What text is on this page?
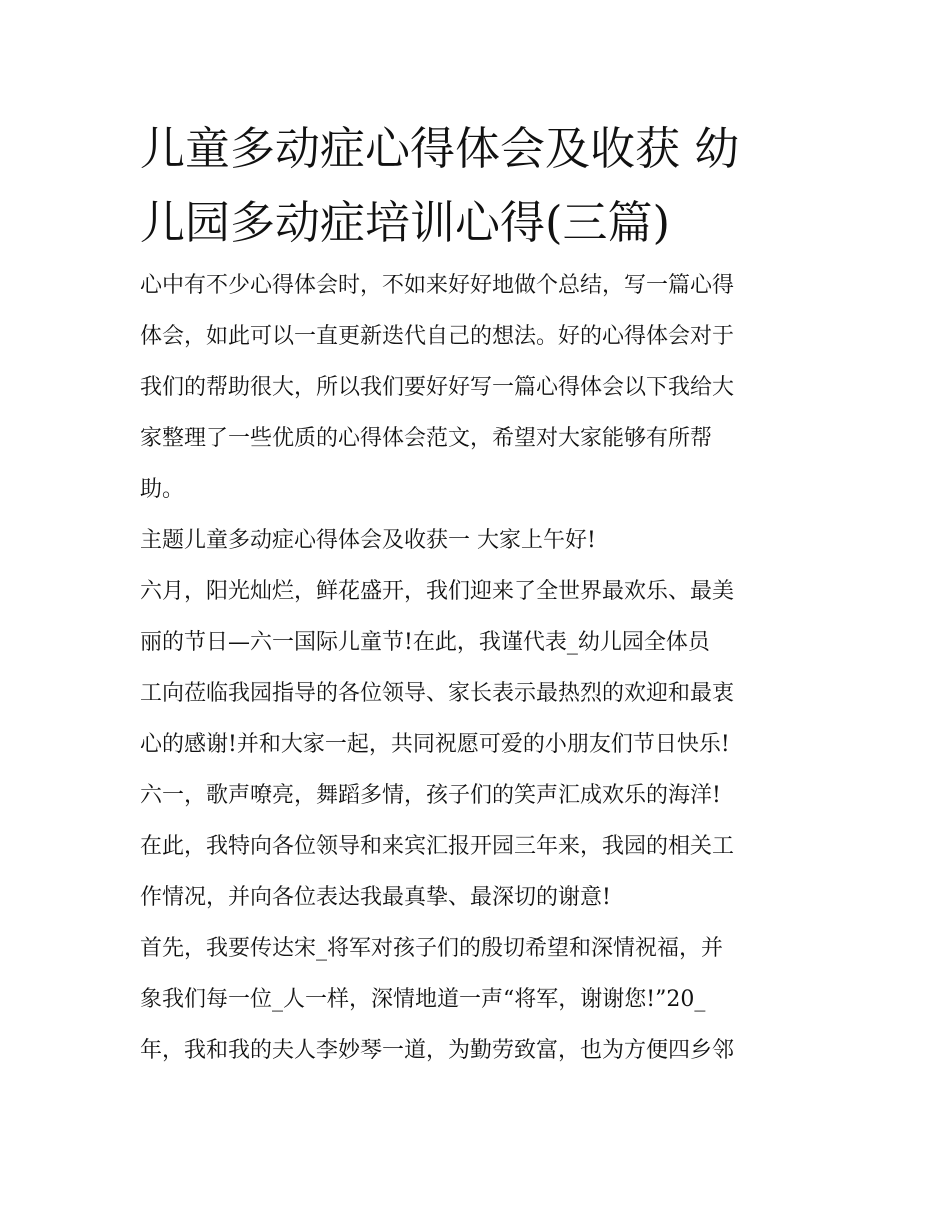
儿童多动症心得体会及收获 幼
儿园多动症培训心得(三篇)
心中有不少心得体会时，不如来好好地做个总结，写一篇心得
体会，如此可以一直更新迭代自己的想法。好的心得体会对于
我们的帮助很大，所以我们要好好写一篇心得体会以下我给大
家整理了一些优质的心得体会范文，希望对大家能够有所帮
助。
主题儿童多动症心得体会及收获一 大家上午好!
六月，阳光灿烂，鲜花盛开，我们迎来了全世界最欢乐、最美
丽的节日—六一国际儿童节!在此，我谨代表_幼儿园全体员
工向莅临我园指导的各位领导、家长表示最热烈的欢迎和最衷
心的感谢!并和大家一起，共同祝愿可爱的小朋友们节日快乐!
六一，歌声嘹亮，舞蹈多情，孩子们的笑声汇成欢乐的海洋!
在此，我特向各位领导和来宾汇报开园三年来，我园的相关工
作情况，并向各位表达我最真挚、最深切的谢意!
首先，我要传达宋_将军对孩子们的殷切希望和深情祝福，并
象我们每一位_人一样，深情地道一声“将军，谢谢您!”20_
年，我和我的夫人李妙琴一道，为勤劳致富，也为方便四乡邻
